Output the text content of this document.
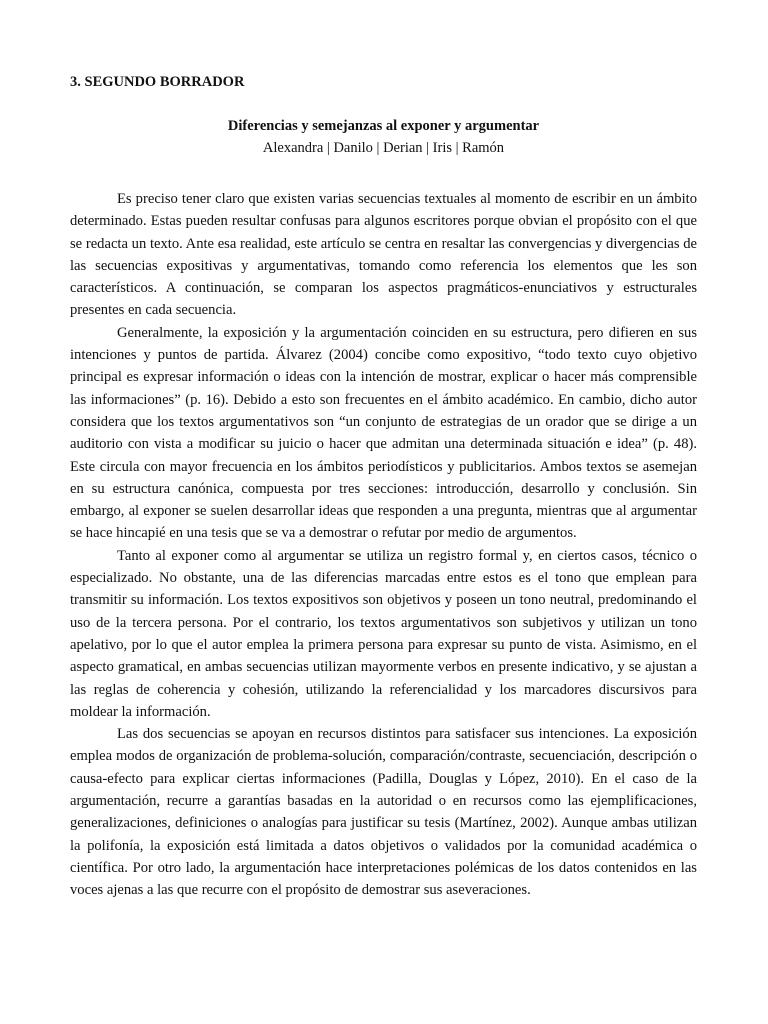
3. SEGUNDO BORRADOR

Diferencias y semejanzas al exponer y argumentar

Alexandra | Danilo | Derian | Iris | Ramón

Es preciso tener claro que existen varias secuencias textuales al momento de escribir en un ámbito determinado. Estas pueden resultar confusas para algunos escritores porque obvian el propósito con el que se redacta un texto. Ante esa realidad, este artículo se centra en resaltar las convergencias y divergencias de las secuencias expositivas y argumentativas, tomando como referencia los elementos que les son característicos. A continuación, se comparan los aspectos pragmáticos-enunciativos y estructurales presentes en cada secuencia.

Generalmente, la exposición y la argumentación coinciden en su estructura, pero difieren en sus intenciones y puntos de partida. Álvarez (2004) concibe como expositivo, “todo texto cuyo objetivo principal es expresar información o ideas con la intención de mostrar, explicar o hacer más comprensible las informaciones” (p. 16). Debido a esto son frecuentes en el ámbito académico. En cambio, dicho autor considera que los textos argumentativos son “un conjunto de estrategias de un orador que se dirige a un auditorio con vista a modificar su juicio o hacer que admitan una determinada situación e idea” (p. 48). Este circula con mayor frecuencia en los ámbitos periodísticos y publicitarios. Ambos textos se asemejan en su estructura canónica, compuesta por tres secciones: introducción, desarrollo y conclusión. Sin embargo, al exponer se suelen desarrollar ideas que responden a una pregunta, mientras que al argumentar se hace hincapié en una tesis que se va a demostrar o refutar por medio de argumentos.

Tanto al exponer como al argumentar se utiliza un registro formal y, en ciertos casos, técnico o especializado. No obstante, una de las diferencias marcadas entre estos es el tono que emplean para transmitir su información. Los textos expositivos son objetivos y poseen un tono neutral, predominando el uso de la tercera persona. Por el contrario, los textos argumentativos son subjetivos y utilizan un tono apelativo, por lo que el autor emplea la primera persona para expresar su punto de vista. Asimismo, en el aspecto gramatical, en ambas secuencias utilizan mayormente verbos en presente indicativo, y se ajustan a las reglas de coherencia y cohesión, utilizando la referencialidad y los marcadores discursivos para moldear la información.

Las dos secuencias se apoyan en recursos distintos para satisfacer sus intenciones. La exposición emplea modos de organización de problema-solución, comparación/contraste, secuenciación, descripción o causa-efecto para explicar ciertas informaciones (Padilla, Douglas y López, 2010). En el caso de la argumentación, recurre a garantías basadas en la autoridad o en recursos como las ejemplificaciones, generalizaciones, definiciones o analogías para justificar su tesis (Martínez, 2002). Aunque ambas utilizan la polifonía, la exposición está limitada a datos objetivos o validados por la comunidad académica o científica. Por otro lado, la argumentación hace interpretaciones polémicas de los datos contenidos en las voces ajenas a las que recurre con el propósito de demostrar sus aseveraciones.
